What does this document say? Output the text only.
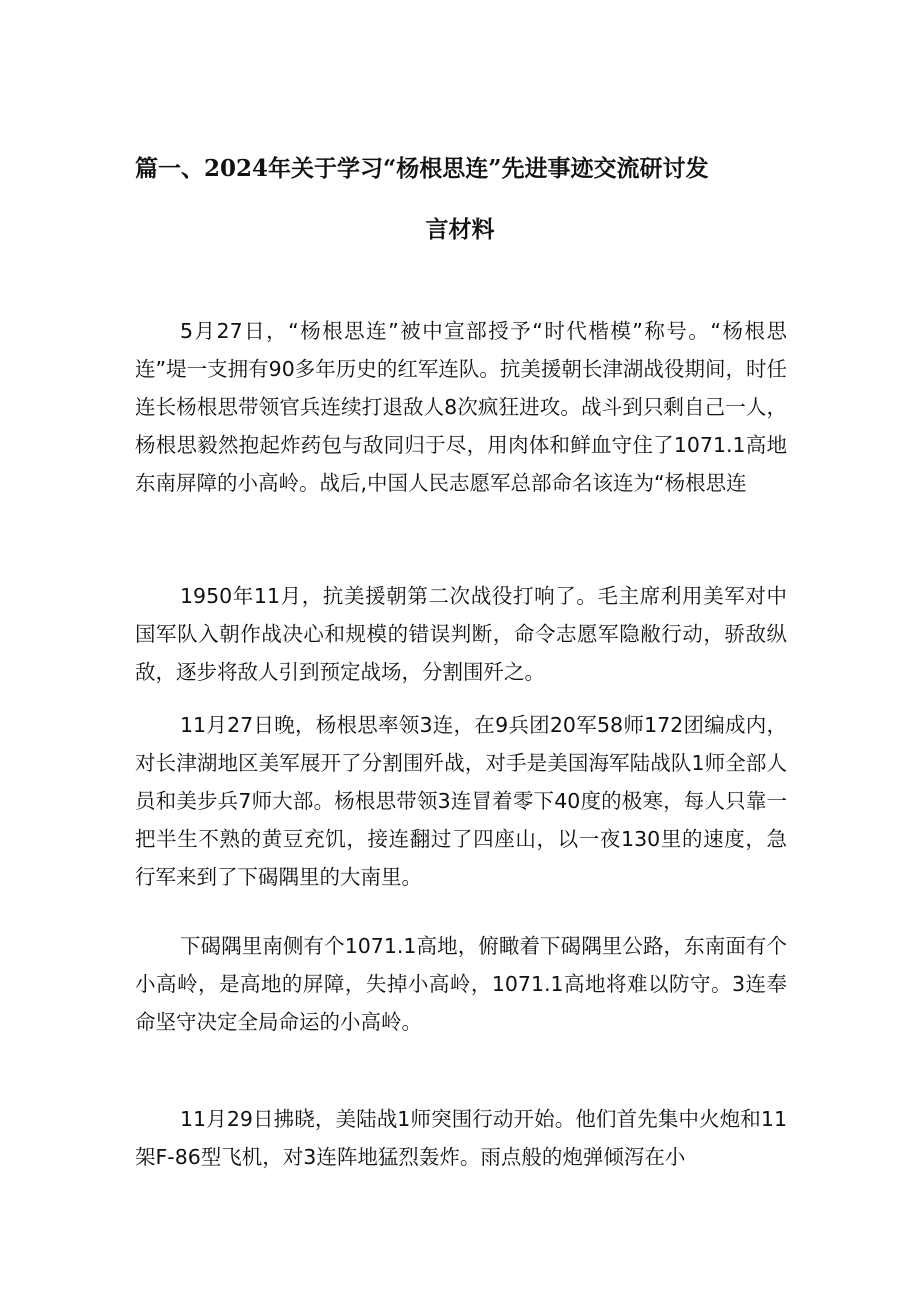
篇一、2024年关于学习“杨根思连”先进事迹交流研讨发
言材料

5月27日，“杨根思连”被中宣部授予“时代楷模”称号。“杨根思连”堤一支拥有90多年历史的红军连队。抗美援朝长津湖战役期间，时任连长杨根思带领官兵连续打退敌人8次疯狂进攻。战斗到只剩自己一人，杨根思毅然抱起炸药包与敌同归于尽，用肉体和鲜血守住了1071.1高地东南屏障的小高岭。战后,中国人民志愿军总部命名该连为“杨根思连

1950年11月，抗美援朝第二次战役打响了。毛主席利用美军对中国军队入朝作战决心和规模的错误判断，命令志愿军隐敝行动，骄敌纵敌，逐步将敌人引到预定战场，分割围歼之。

11月27日晚，杨根思率领3连，在9兵团20军58师172团编成内，对长津湖地区美军展开了分割围歼战，对手是美国海军陆战队1师全部人员和美步兵7师大部。杨根思带领3连冒着零下40度的极寒，每人只靠一把半生不熟的黄豆充饥，接连翻过了四座山，以一夜130里的速度，急行军来到了下碣隅里的大南里。

下碣隅里南侧有个1071.1高地，俯瞰着下碣隅里公路，东南面有个小高岭，是高地的屏障，失掉小高岭，1071.1高地将难以防守。3连奉命坚守决定全局命运的小高岭。

11月29日拂晓，美陆战1师突围行动开始。他们首先集中火炮和11架F-86型飞机，对3连阵地猛烈轰炸。雨点般的炮弹倾泻在小
